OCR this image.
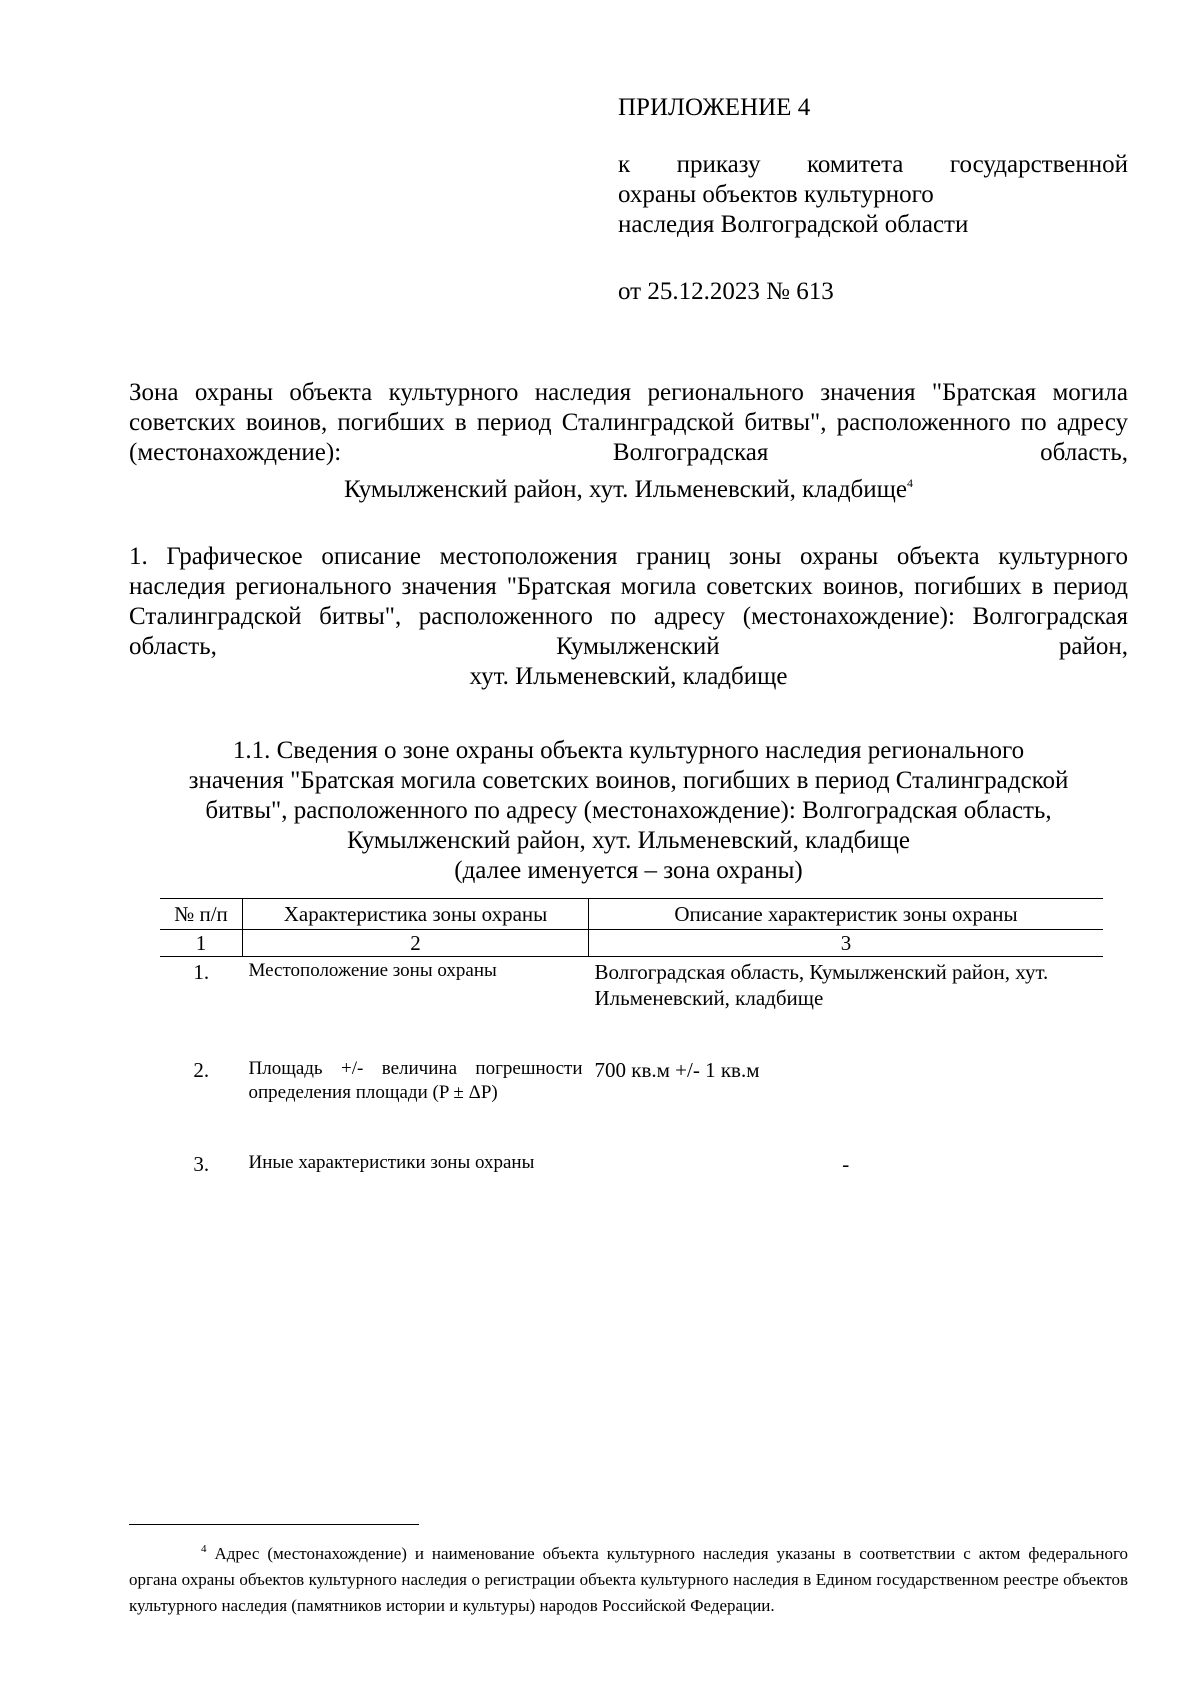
ПРИЛОЖЕНИЕ 4
к приказу комитета государственной
охраны объектов культурного
наследия Волгоградской области
от 25.12.2023 № 613
Зона охраны объекта культурного наследия регионального значения "Братская могила советских воинов, погибших в период Сталинградской битвы", расположенного по адресу (местонахождение): Волгоградская область,
Кумылженский район, хут. Ильменевский, кладбище$^4$
1. Графическое описание местоположения границ зоны охраны объекта культурного наследия регионального значения "Братская могила советских воинов, погибших в период Сталинградской битвы", расположенного по адресу (местонахождение): Волгоградская область, Кумылженский район,
хут. Ильменевский, кладбище
1.1. Сведения о зоне охраны объекта культурного наследия регионального
значения "Братская могила советских воинов, погибших в период Сталинградской
битвы", расположенного по адресу (местонахождение): Волгоградская область,
Кумылженский район, хут. Ильменевский, кладбище
(далее именуется – зона охраны)
№ п/п	Характеристика зоны охраны	Описание характеристик зоны охраны
1	2	3
1.	Местоположение зоны охраны	Волгоградская область, Кумылженский район, хут. Ильменевский, кладбище

2.	Площадь +/- величина погрешности определения площади (P ± ΔP)	700 кв.м +/- 1 кв.м

3.	Иные характеристики зоны охраны	-
$^4$ Адрес (местонахождение) и наименование объекта культурного наследия указаны в соответствии с актом федерального органа охраны объектов культурного наследия о регистрации объекта культурного наследия в Едином государственном реестре объектов культурного наследия (памятников истории и культуры) народов Российской Федерации.
